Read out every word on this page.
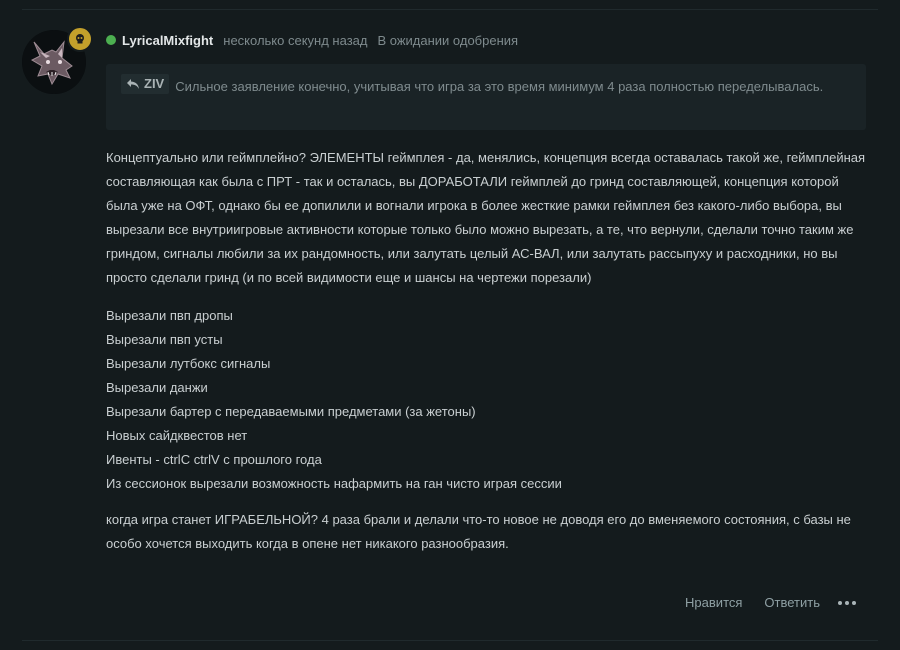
LyricalMixfight несколько секунд назад В ожидании одобрения
ZIV Сильное заявление конечно, учитывая что игра за это время минимум 4 раза полностью переделывалась.

Концептуально или геймплейно? ЭЛЕМЕНТЫ геймплея - да, менялись, концепция всегда оставалась такой же, геймплейная составляющая как была с ПРТ - так и осталась, вы ДОРАБОТАЛИ геймплей до гринд составляющей, концепция которой была уже на ОФТ, однако бы ее допилили и вогнали игрока в более жесткие рамки геймплея без какого-либо выбора, вы вырезали все внутриигровые активности которые только было можно вырезать, а те, что вернули, сделали точно таким же гриндом, сигналы любили за их рандомность, или залутать целый АС-ВАЛ, или залутать рассыпуху и расходники, но вы просто сделали гринд (и по всей видимости еще и шансы на чертежи порезали)

Вырезали пвп дропы
Вырезали пвп усты
Вырезали лутбокс сигналы
Вырезали данжи
Вырезали бартер с передаваемыми предметами (за жетоны)
Новых сайдквестов нет
Ивенты - ctrlC ctrlV с прошлого года
Из сессионок вырезали возможность нафармить на ган чисто играя сессии

когда игра станет ИГРАБЕЛЬНОЙ? 4 раза брали и делали что-то новое не доводя его до вменяемого состояния, с базы не особо хочется выходить когда в опене нет никакого разнообразия.

Нравится Ответить
